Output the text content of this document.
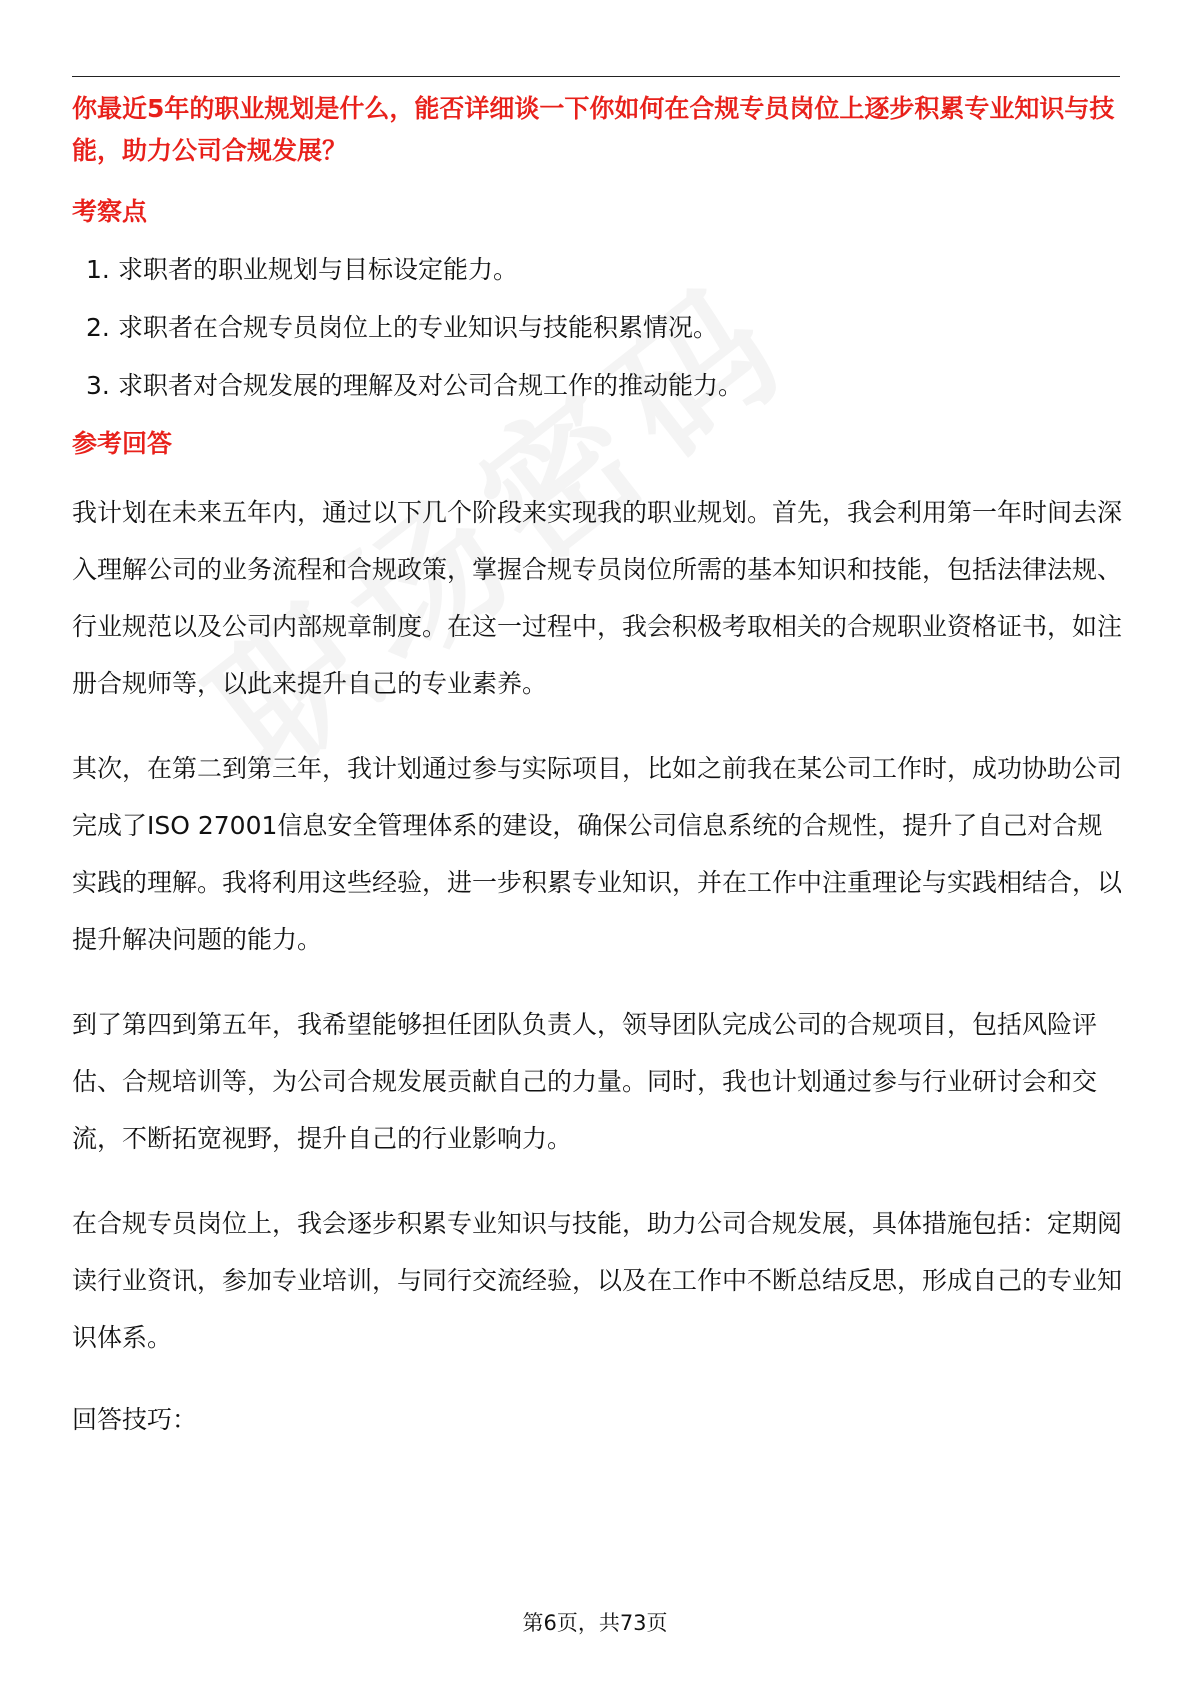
你最近5年的职业规划是什么，能否详细谈一下你如何在合规专员岗位上逐步积累专业知识与技能，助力公司合规发展？

考察点

1. 求职者的职业规划与目标设定能力。
2. 求职者在合规专员岗位上的专业知识与技能积累情况。
3. 求职者对合规发展的理解及对公司合规工作的推动能力。

参考回答

我计划在未来五年内，通过以下几个阶段来实现我的职业规划。首先，我会利用第一年时间去深入理解公司的业务流程和合规政策，掌握合规专员岗位所需的基本知识和技能，包括法律法规、行业规范以及公司内部规章制度。在这一过程中，我会积极考取相关的合规职业资格证书，如注册合规师等，以此来提升自己的专业素养。

其次，在第二到第三年，我计划通过参与实际项目，比如之前我在某公司工作时，成功协助公司完成了ISO 27001信息安全管理体系的建设，确保公司信息系统的合规性，提升了自己对合规实践的理解。我将利用这些经验，进一步积累专业知识，并在工作中注重理论与实践相结合，以提升解决问题的能力。

到了第四到第五年，我希望能够担任团队负责人，领导团队完成公司的合规项目，包括风险评估、合规培训等，为公司合规发展贡献自己的力量。同时，我也计划通过参与行业研讨会和交流，不断拓宽视野，提升自己的行业影响力。

在合规专员岗位上，我会逐步积累专业知识与技能，助力公司合规发展，具体措施包括：定期阅读行业资讯，参加专业培训，与同行交流经验，以及在工作中不断总结反思，形成自己的专业知识体系。

回答技巧：

第6页，共73页
